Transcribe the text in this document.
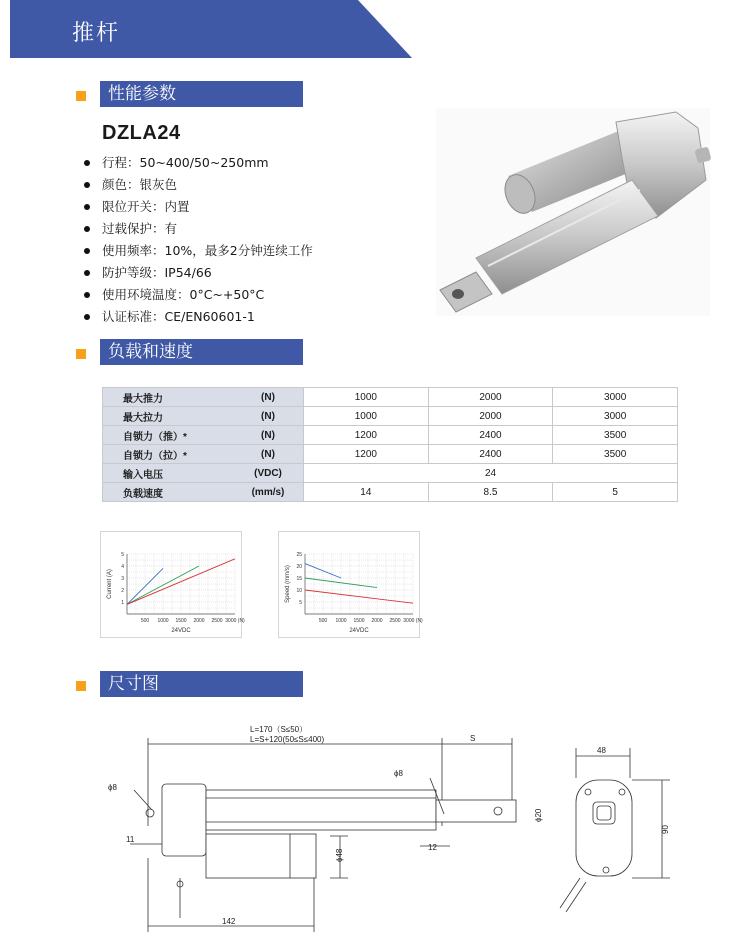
推杆
性能参数
DZLA24
行程：50~400/50~250mm
颜色：银灰色
限位开关：内置
过载保护：有
使用频率：10%，最多2分钟连续工作
防护等级：IP54/66
使用环境温度：0°C~+50°C
认证标准：CE/EN60601-1
负载和速度
最大推力	(N)	1000	2000	3000
最大拉力	(N)	1000	2000	3000
自锁力（推）*	(N)	1200	2400	3500
自锁力（拉）*	(N)	1200	2400	3500
输入电压	(VDC)	24		
负载速度	(mm/s)	14	8.5	5
1
2
3
4
5
500 1000 1500 2000 2500 3000 (N)
24VDC
Current (A)
5
10
15
20
25
500 1000 1500 2000 2500 3000 (N)
24VDC
Speed (mm/s)
尺寸图
L=170（S≤50）
L=S+120(50≤S≤400)	S
ϕ8
ϕ8
11
12
ϕ48
ϕ20
142
48
90
